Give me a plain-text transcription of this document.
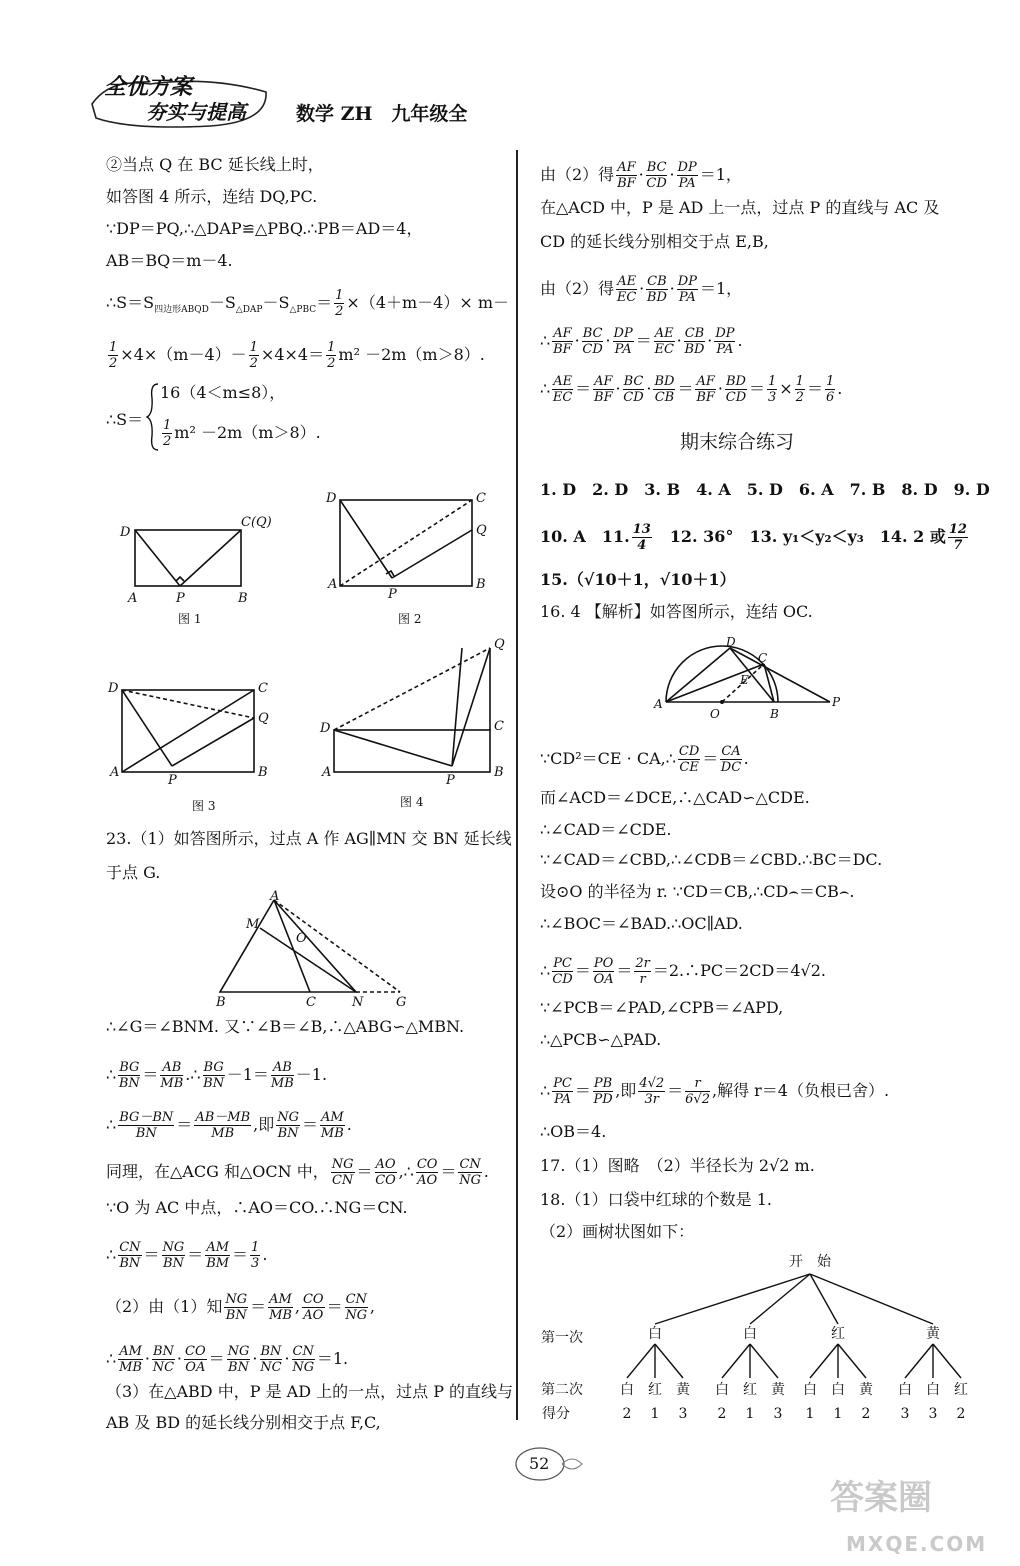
全优方案
夯实与提高	数学 ZH　九年级全
②当点 Q 在 BC 延长线上时，
如答图 4 所示，连结 DQ,PC.
∵DP＝PQ,∴△DAP≌△PBQ.∴PB＝AD＝4，
AB＝BQ＝m－4.
$\therefore S=S_{四边形ABQD}-S_{\triangle DAP}-S_{\triangle PBC}= \frac{1}{2} \times(4+m-4)\times m-$
$\frac{1}{2} \times 4\times(m-4)- \frac{1}{2} \times 4\times 4= \frac{1}{2} m^2 -2m(m>8)$.
∴S＝
16（4＜m≤8），
$\frac{1}{2} m^2 -2m(m>8)$.
D
C(Q)
A	P	B
D	C
Q
A
P
B
图 1	图 2
D	C
Q
A
P
B
D
Q
C
A
P
B
图 3	图 4
23.（1）如答图所示，过点 A 作 AG∥MN 交 BN 延长线
于点 G.
A
M
O
B	C	N	G
∴∠G＝∠BNM. 又∵∠B＝∠B,∴△ABG∽△MBN.
∴ $\frac{BG}{BN} = \frac{AB}{MB}$ .∴ $\frac{BG}{BN} -1= \frac{AB}{MB} -1$.
∴ $\frac{BG-BN}{BN} = \frac{AB-MB}{MB}$ ,即 $\frac{NG}{BN} = \frac{AM}{MB}$ .
同理，在△ACG 和△OCN 中， $\frac{NG}{CN} = \frac{AO}{CO}$ ,∴ $\frac{CO}{AO} = \frac{CN}{NG}$ .
∵O 为 AC 中点，∴AO＝CO.∴NG＝CN.
∴ $\frac{CN}{BN} = \frac{NG}{BN} = \frac{AM}{BM} = \frac{1}{3}$ .
（2）由（1）知 $\frac{NG}{BN} = \frac{AM}{MB}$ , $\frac{CO}{AO} = \frac{CN}{NG}$ ,
∴ $\frac{AM}{MB} \cdot \frac{BN}{NC} \cdot \frac{CO}{OA} = \frac{NG}{BN} \cdot \frac{BN}{NC} \cdot \frac{CN}{NG} =1$.
（3）在△ABD 中，P 是 AD 上的一点，过点 P 的直线与
AB 及 BD 的延长线分别相交于点 F,C,
由（2）得 $\frac{AF}{BF} \cdot \frac{BC}{CD} \cdot \frac{DP}{PA} =1$，
在△ACD 中，P 是 AD 上一点，过点 P 的直线与 AC 及
CD 的延长线分别相交于点 E,B,
由（2）得 $\frac{AE}{EC} \cdot \frac{CB}{BD} \cdot \frac{DP}{PA} =1$，
∴ $\frac{AF}{BF} \cdot \frac{BC}{CD} \cdot \frac{DP}{PA} = \frac{AE}{EC} \cdot \frac{CB}{BD} \cdot \frac{DP}{PA}$ .
∴ $\frac{AE}{EC} = \frac{AF}{BF} \cdot \frac{BC}{CD} \cdot \frac{BD}{CB} = \frac{AF}{BF} \cdot \frac{BD}{CD} = \frac{1}{3} \times \frac{1}{2} = \frac{1}{6}$ .
期末综合练习
1. D　2. D　3. B　4. A　5. D　6. A　7. B　8. D　9. D
10. A　11. $\frac{13}{4}$ 　12. 36°　13. y₁＜y₂＜y₃　14. 2 或 $\frac{12}{7}$
15.（√10＋1，√10＋1）
16. 4 【解析】如答图所示，连结 OC.
D
C
E
A
O	B
P
∵CD²＝CE · CA,∴ $\frac{CD}{CE} = \frac{CA}{DC}$ .
而∠ACD＝∠DCE,∴△CAD∽△CDE.
∴∠CAD＝∠CDE.
∵∠CAD＝∠CBD,∴∠CDB＝∠CBD.∴BC＝DC.
设⊙O 的半径为 r. ∵CD＝CB,∴CD⌢＝CB⌢.
∴∠BOC＝∠BAD.∴OC∥AD.
∴ $\frac{PC}{CD} = \frac{PO}{OA} = \frac{2r}{r}$ ＝2.∴PC＝2CD＝4√2.
∵∠PCB＝∠PAD,∠CPB＝∠APD,
∴△PCB∽△PAD.
∴ $\frac{PC}{PA} = \frac{PB}{PD}$ ,即 $\frac{4√2}{3r} = \frac{r}{6√2}$ ,解得 r＝4（负根已舍）.
∴OB＝4.
17.（1）图略　（2）半径长为 2√2 m.
18.（1）口袋中红球的个数是 1.
（2）画树状图如下：
开　始
第一次
第二次
得分
白
白
2
红
1
黄
3
白
白
2
红
1
黄
3
红
白
1
白
1
黄
2
黄
白
3
白
3
红
2
52
答案圈
MXQE.COM
